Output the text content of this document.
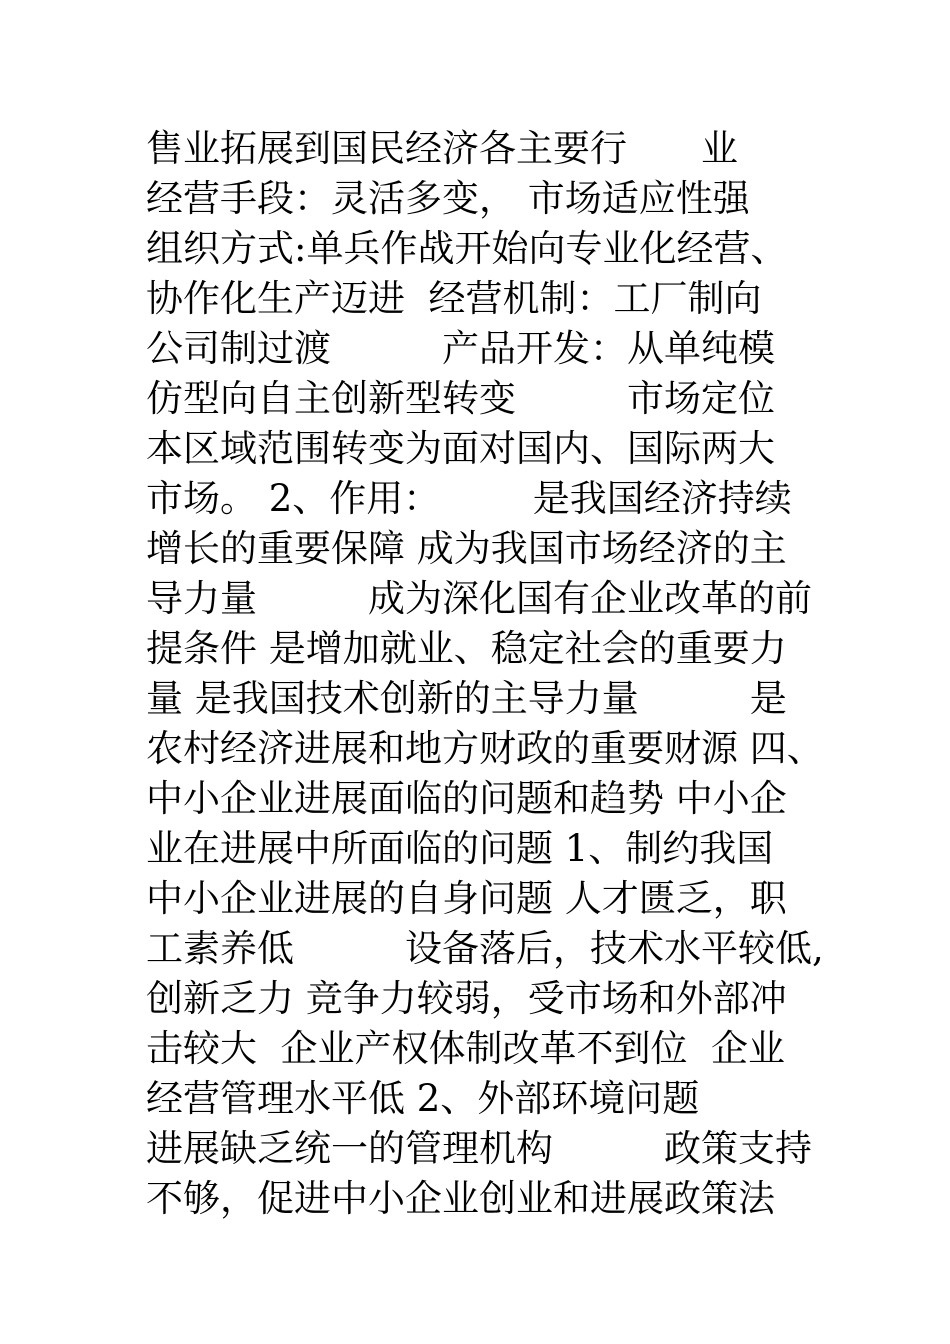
售业拓展到国民经济各主要行　　业
经营手段：灵活多变， 市场适应性强
组织方式:单兵作战开始向专业化经营、
协作化生产迈进  经营机制：工厂制向
公司制过渡　　　产品开发：从单纯模
仿型向自主创新型转变　　　市场定位
本区域范围转变为面对国内、国际两大
市场。 2、作用：　　　是我国经济持续
增长的重要保障 成为我国市场经济的主
导力量　　　成为深化国有企业改革的前
提条件 是增加就业、稳定社会的重要力
量 是我国技术创新的主导力量　　　是
农村经济进展和地方财政的重要财源 四、
中小企业进展面临的问题和趋势 中小企
业在进展中所面临的问题 1、制约我国
中小企业进展的自身问题 人才匮乏，职
工素养低　　　设备落后，技术水平较低,
创新乏力 竞争力较弱，受市场和外部冲
击较大  企业产权体制改革不到位  企业
经营管理水平低 2、外部环境问题
进展缺乏统一的管理机构　　　政策支持
不够，促进中小企业创业和进展政策法
